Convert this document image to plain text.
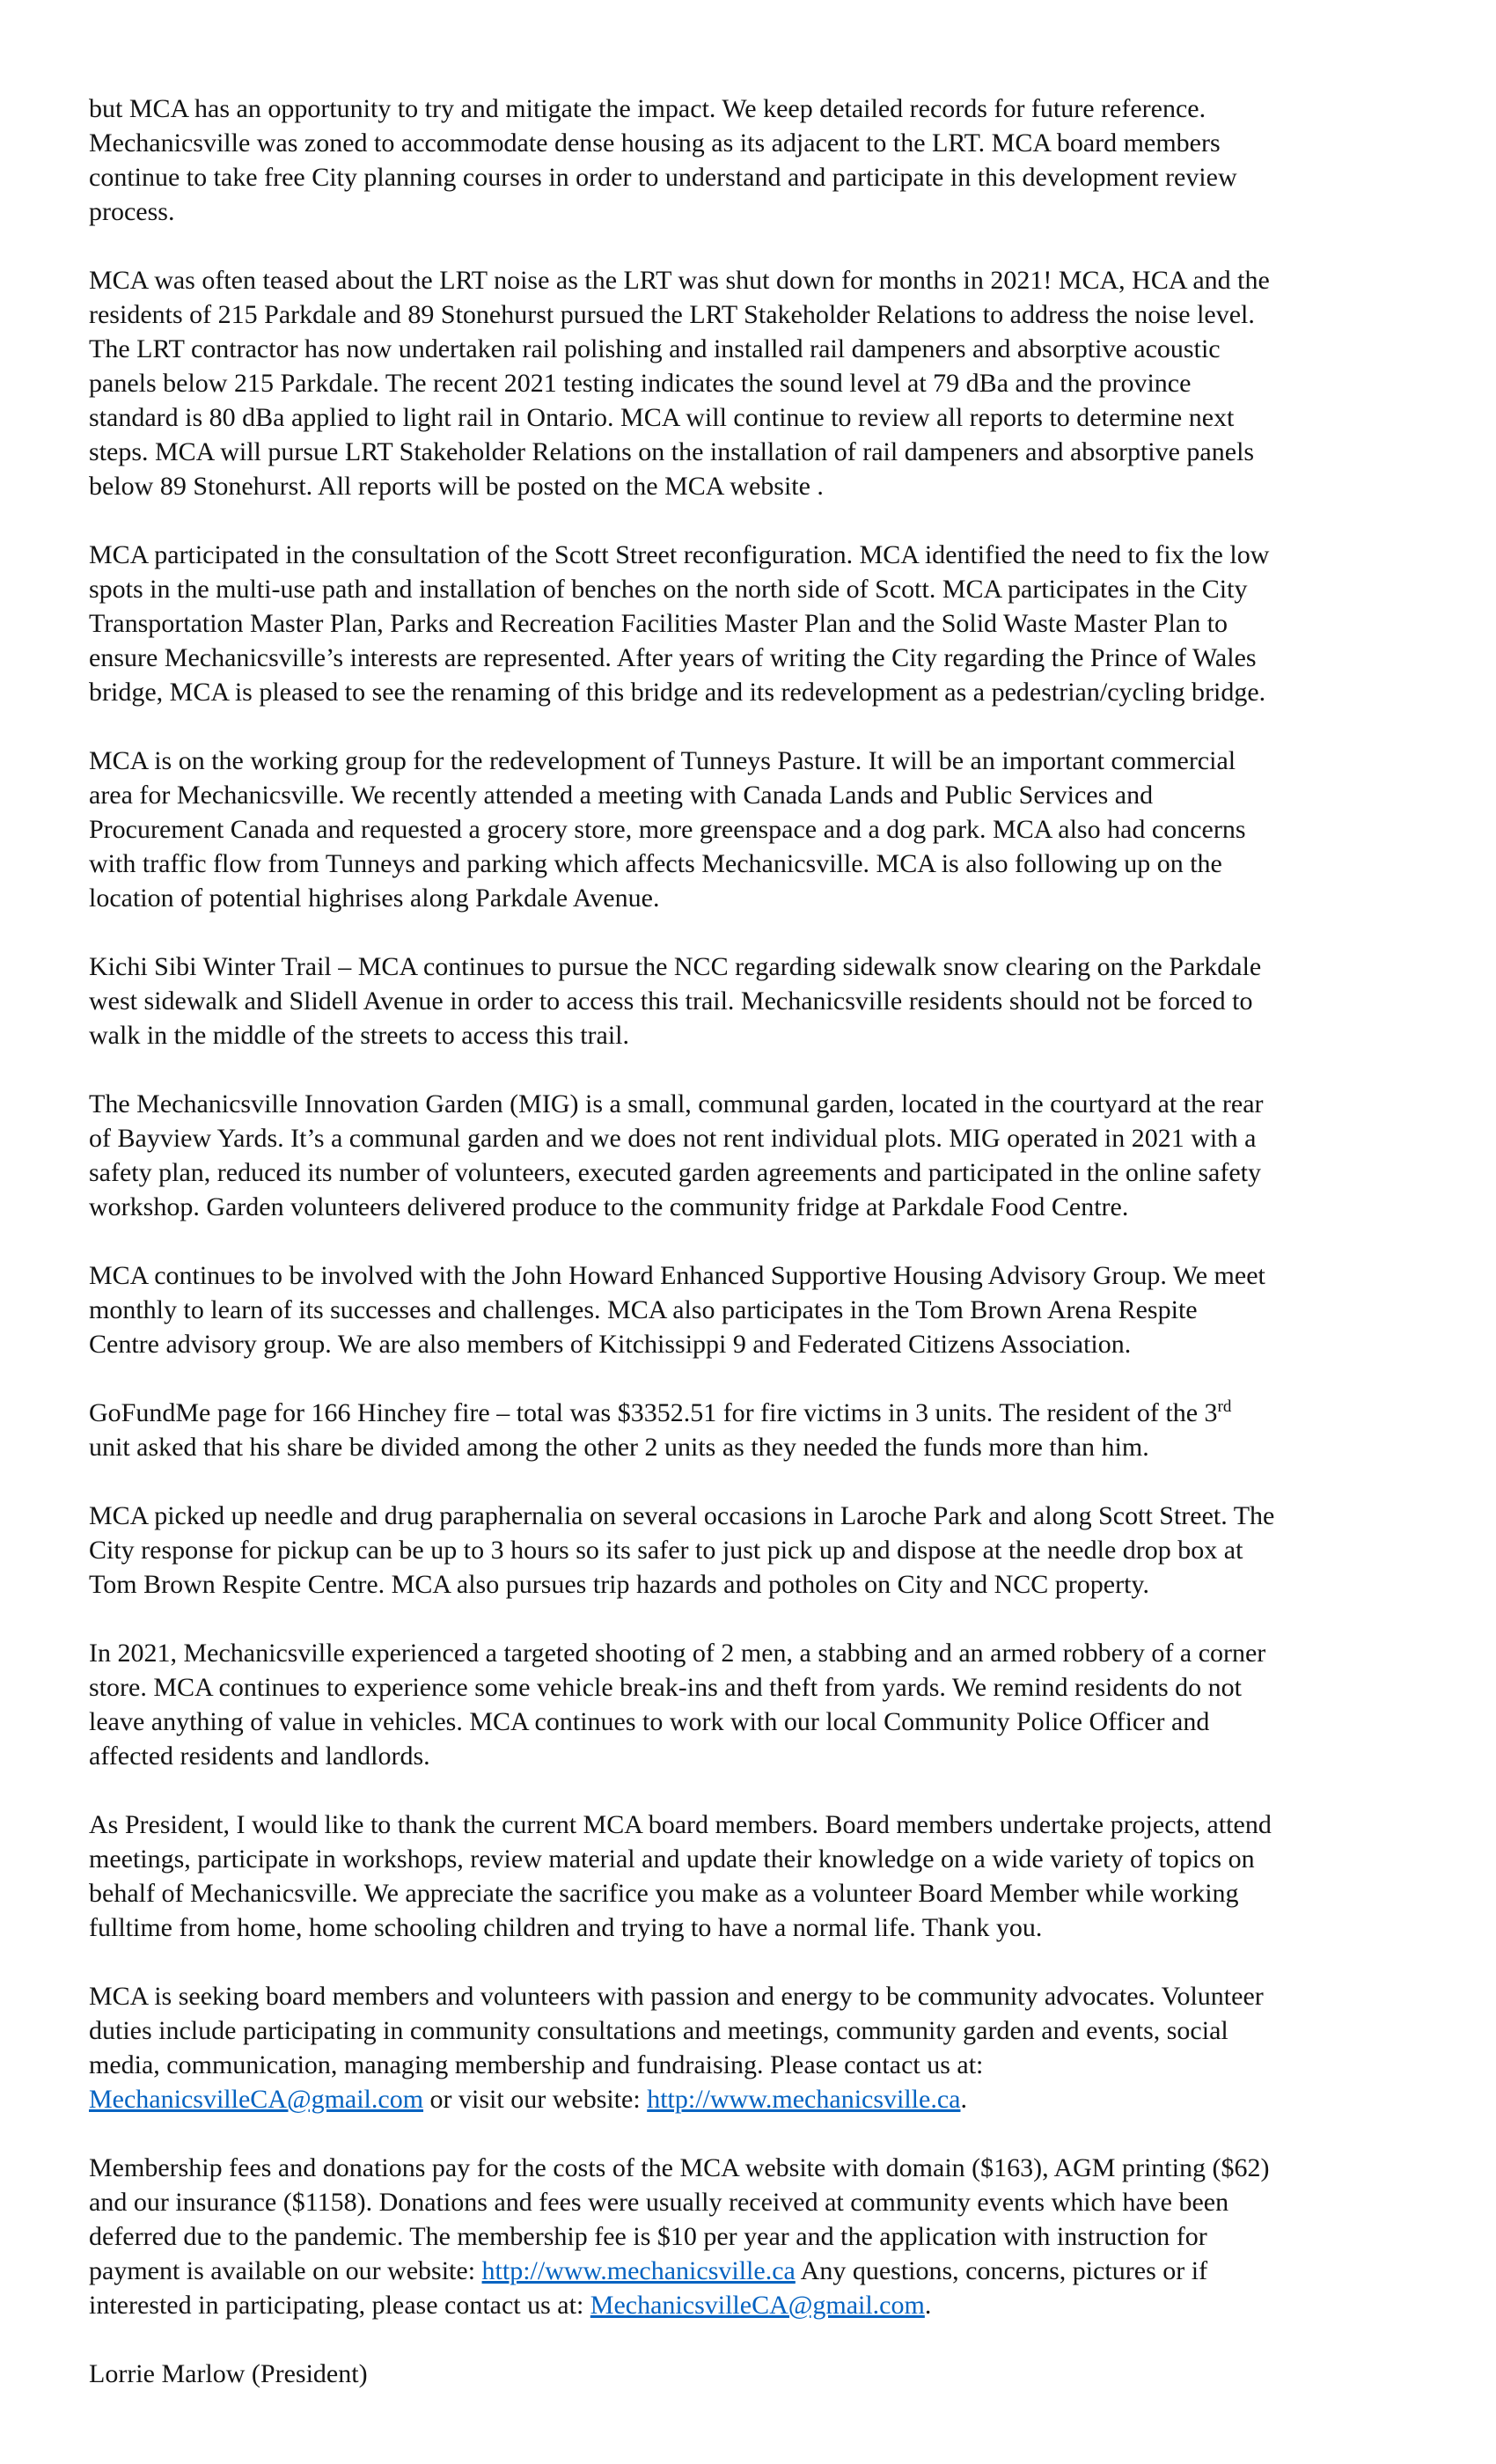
but MCA has an opportunity to try and mitigate the impact. We keep detailed records for future reference.
Mechanicsville was zoned to accommodate dense housing as its adjacent to the LRT. MCA board members
continue to take free City planning courses in order to understand and participate in this development review
process.
MCA was often teased about the LRT noise as the LRT was shut down for months in 2021! MCA, HCA and the
residents of 215 Parkdale and 89 Stonehurst pursued the LRT Stakeholder Relations to address the noise level.
The LRT contractor has now undertaken rail polishing and installed rail dampeners and absorptive acoustic
panels below 215 Parkdale. The recent 2021 testing indicates the sound level at 79 dBa and the province
standard is 80 dBa applied to light rail in Ontario. MCA will continue to review all reports to determine next
steps. MCA will pursue LRT Stakeholder Relations on the installation of rail dampeners and absorptive panels
below 89 Stonehurst. All reports will be posted on the MCA website .
MCA participated in the consultation of the Scott Street reconfiguration. MCA identified the need to fix the low
spots in the multi-use path and installation of benches on the north side of Scott. MCA participates in the City
Transportation Master Plan, Parks and Recreation Facilities Master Plan and the Solid Waste Master Plan to
ensure Mechanicsville’s interests are represented. After years of writing the City regarding the Prince of Wales
bridge, MCA is pleased to see the renaming of this bridge and its redevelopment as a pedestrian/cycling bridge.
MCA is on the working group for the redevelopment of Tunneys Pasture. It will be an important commercial
area for Mechanicsville. We recently attended a meeting with Canada Lands and Public Services and
Procurement Canada and requested a grocery store, more greenspace and a dog park. MCA also had concerns
with traffic flow from Tunneys and parking which affects Mechanicsville. MCA is also following up on the
location of potential highrises along Parkdale Avenue.
Kichi Sibi Winter Trail – MCA continues to pursue the NCC regarding sidewalk snow clearing on the Parkdale
west sidewalk and Slidell Avenue in order to access this trail. Mechanicsville residents should not be forced to
walk in the middle of the streets to access this trail.
The Mechanicsville Innovation Garden (MIG) is a small, communal garden, located in the courtyard at the rear
of Bayview Yards. It’s a communal garden and we does not rent individual plots. MIG operated in 2021 with a
safety plan, reduced its number of volunteers, executed garden agreements and participated in the online safety
workshop. Garden volunteers delivered produce to the community fridge at Parkdale Food Centre.
MCA continues to be involved with the John Howard Enhanced Supportive Housing Advisory Group. We meet
monthly to learn of its successes and challenges. MCA also participates in the Tom Brown Arena Respite
Centre advisory group. We are also members of Kitchissippi 9 and Federated Citizens Association.
GoFundMe page for 166 Hinchey fire – total was $3352.51 for fire victims in 3 units. The resident of the 3rd
unit asked that his share be divided among the other 2 units as they needed the funds more than him.
MCA picked up needle and drug paraphernalia on several occasions in Laroche Park and along Scott Street. The
City response for pickup can be up to 3 hours so its safer to just pick up and dispose at the needle drop box at
Tom Brown Respite Centre. MCA also pursues trip hazards and potholes on City and NCC property.
In 2021, Mechanicsville experienced a targeted shooting of 2 men, a stabbing and an armed robbery of a corner
store. MCA continues to experience some vehicle break-ins and theft from yards. We remind residents do not
leave anything of value in vehicles. MCA continues to work with our local Community Police Officer and
affected residents and landlords.
As President, I would like to thank the current MCA board members. Board members undertake projects, attend
meetings, participate in workshops, review material and update their knowledge on a wide variety of topics on
behalf of Mechanicsville. We appreciate the sacrifice you make as a volunteer Board Member while working
fulltime from home, home schooling children and trying to have a normal life. Thank you.
MCA is seeking board members and volunteers with passion and energy to be community advocates. Volunteer
duties include participating in community consultations and meetings, community garden and events, social
media, communication, managing membership and fundraising. Please contact us at:
MechanicsvilleCA@gmail.com or visit our website: http://www.mechanicsville.ca.
Membership fees and donations pay for the costs of the MCA website with domain ($163), AGM printing ($62)
and our insurance ($1158). Donations and fees were usually received at community events which have been
deferred due to the pandemic. The membership fee is $10 per year and the application with instruction for
payment is available on our website: http://www.mechanicsville.ca Any questions, concerns, pictures or if
interested in participating, please contact us at: MechanicsvilleCA@gmail.com.
Lorrie Marlow (President)
